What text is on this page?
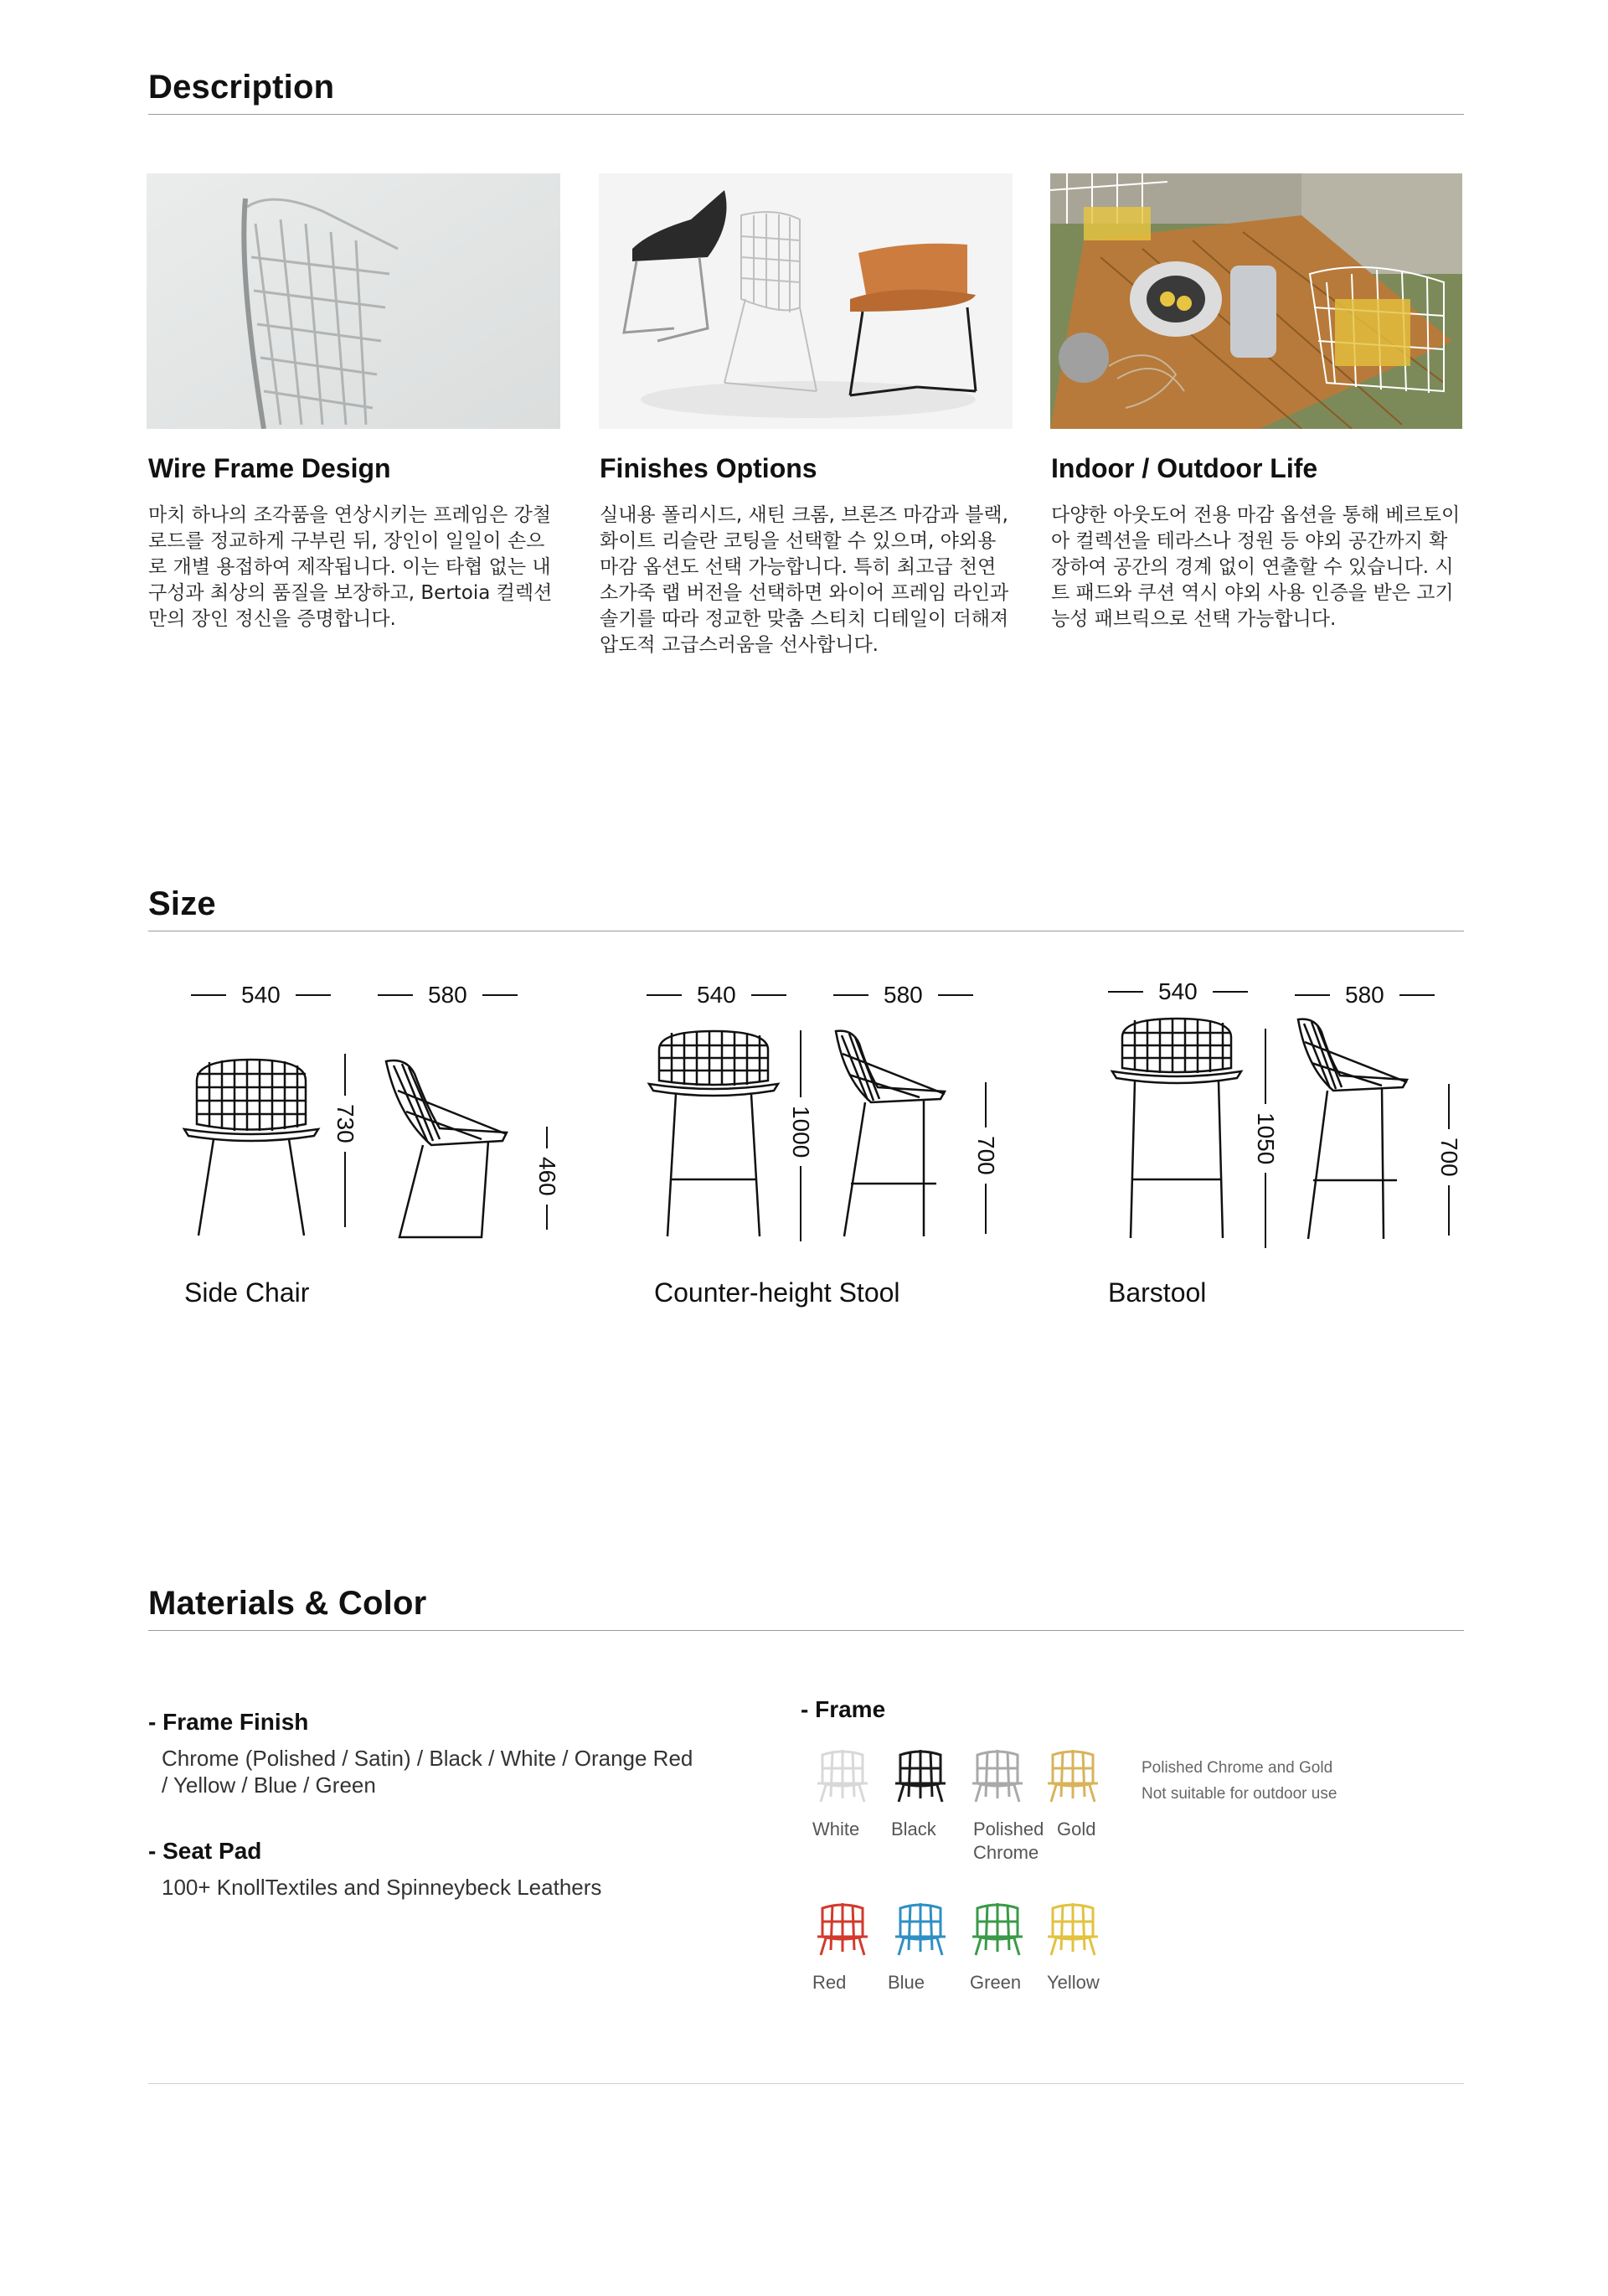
Description
Wire Frame Design	Finishes Options	Indoor / Outdoor Life
마치 하나의 조각품을 연상시키는 프레임은 강철 로드를 정교하게 구부린 뒤, 장인이 일일이 손으로 개별 용접하여 제작됩니다. 이는 타협 없는 내구성과 최상의 품질을 보장하고, Bertoia 컬렉션만의 장인 정신을 증명합니다.
실내용 폴리시드, 새틴 크롬, 브론즈 마감과 블랙, 화이트 리슬란 코팅을 선택할 수 있으며, 야외용 마감 옵션도 선택 가능합니다. 특히 최고급 천연 소가죽 랩 버전을 선택하면 와이어 프레임 라인과 솔기를 따라 정교한 맞춤 스티치 디테일이 더해져 압도적 고급스러움을 선사합니다.
다양한 아웃도어 전용 마감 옵션을 통해 베르토이아 컬렉션을 테라스나 정원 등 야외 공간까지 확장하여 공간의 경계 없이 연출할 수 있습니다. 시트 패드와 쿠션 역시 야외 사용 인증을 받은 고기능성 패브릭으로 선택 가능합니다.
Size
540	580
730
460
Side Chair
540	580
1000	700
Counter-height Stool
540	580
1050	700
Barstool
Materials & Color
- Frame Finish
Chrome (Polished / Satin) / Black / White / Orange Red
/ Yellow / Blue / Green
- Seat Pad
100+ KnollTextiles and Spinneybeck Leathers
- Frame
White Black Polished
Chrome
Gold
Polished Chrome and Gold
Not suitable for outdoor use
Red Blue Green Yellow
